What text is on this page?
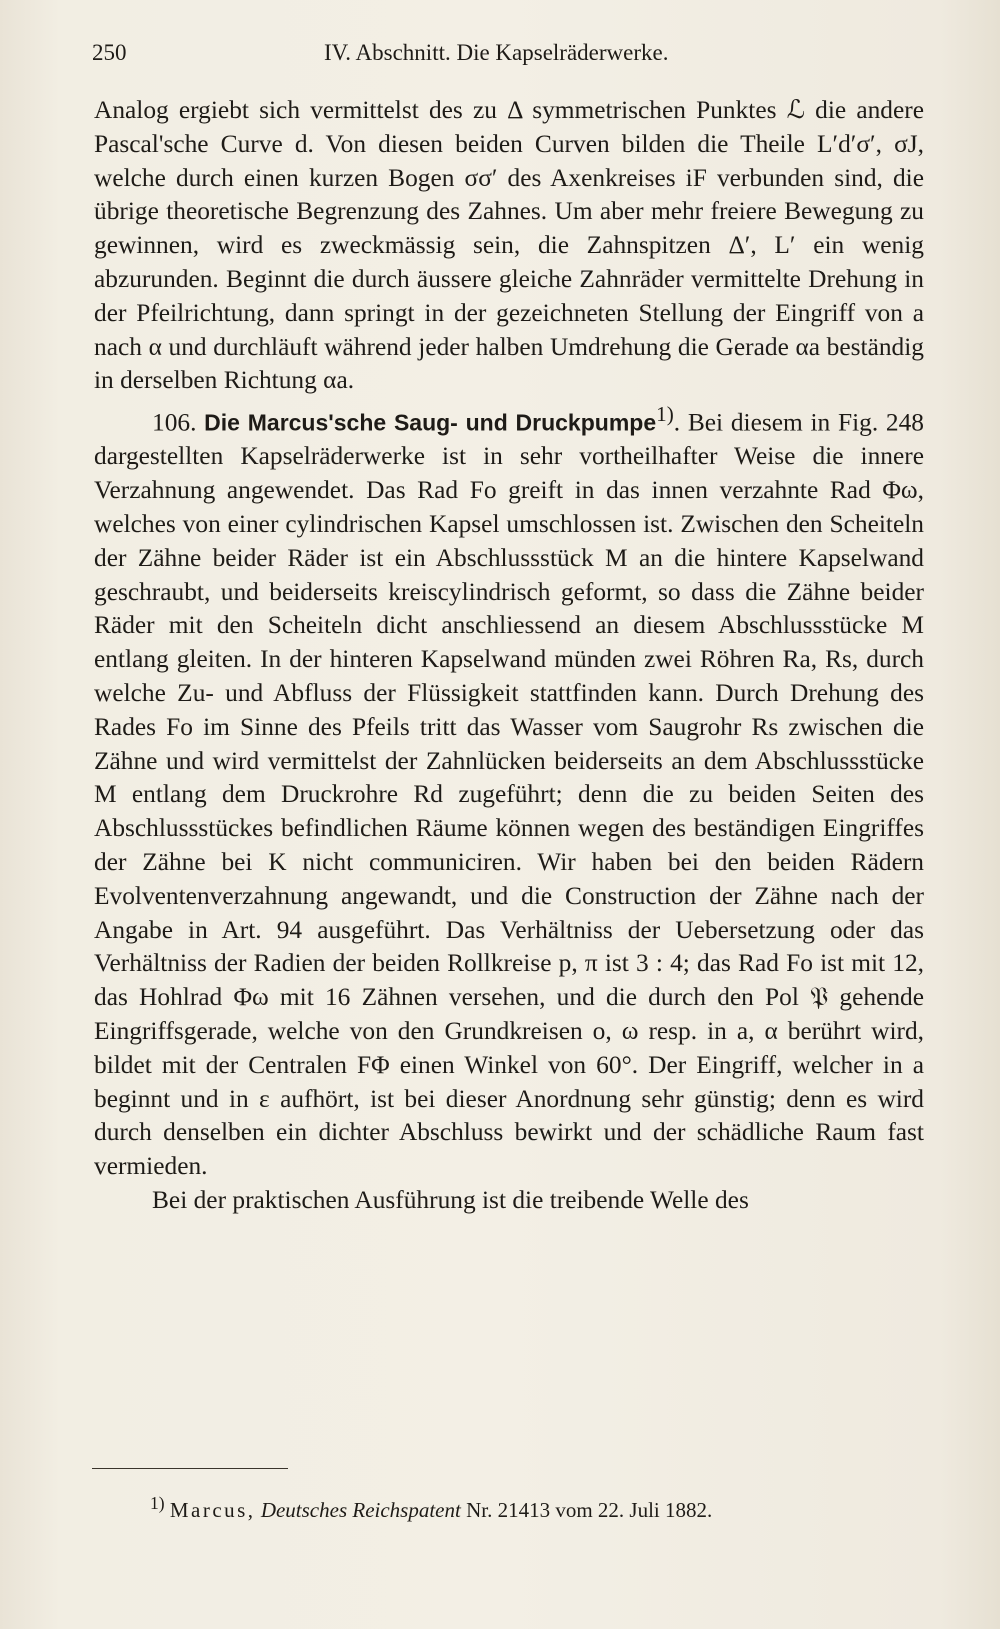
250	IV. Abschnitt. Die Kapselräderwerke.

Analog ergiebt sich vermittelst des zu Δ symmetrischen Punktes ℒ die andere Pascal'sche Curve d. Von diesen beiden Curven bilden die Theile L′d′σ′, σJ, welche durch einen kurzen Bogen σσ′ des Axenkreises iF verbunden sind, die übrige theoretische Begrenzung des Zahnes. Um aber mehr freiere Bewegung zu gewinnen, wird es zweckmässig sein, die Zahnspitzen Δ′, L′ ein wenig abzurunden. Beginnt die durch äussere gleiche Zahnräder vermittelte Drehung in der Pfeilrichtung, dann springt in der gezeichneten Stellung der Eingriff von a nach α und durchläuft während jeder halben Umdrehung die Gerade αa beständig in derselben Richtung αa.

106. Die Marcus'sche Saug- und Druckpumpe$^{1)}$. Bei diesem in Fig. 248 dargestellten Kapselräderwerke ist in sehr vortheilhafter Weise die innere Verzahnung angewendet. Das Rad Fo greift in das innen verzahnte Rad Φω, welches von einer cylindrischen Kapsel umschlossen ist. Zwischen den Scheiteln der Zähne beider Räder ist ein Abschlussstück M an die hintere Kapselwand geschraubt, und beiderseits kreiscylindrisch geformt, so dass die Zähne beider Räder mit den Scheiteln dicht anschliessend an diesem Abschlussstücke M entlang gleiten. In der hinteren Kapselwand münden zwei Röhren Ra, Rs, durch welche Zu- und Abfluss der Flüssigkeit stattfinden kann. Durch Drehung des Rades Fo im Sinne des Pfeils tritt das Wasser vom Saugrohr Rs zwischen die Zähne und wird vermittelst der Zahnlücken beiderseits an dem Abschlussstücke M entlang dem Druckrohre Rd zugeführt; denn die zu beiden Seiten des Abschlussstückes befindlichen Räume können wegen des beständigen Eingriffes der Zähne bei K nicht communiciren. Wir haben bei den beiden Rädern Evolventenverzahnung angewandt, und die Construction der Zähne nach der Angabe in Art. 94 ausgeführt. Das Verhältniss der Uebersetzung oder das Verhältniss der Radien der beiden Rollkreise p, π ist 3 : 4; das Rad Fo ist mit 12, das Hohlrad Φω mit 16 Zähnen versehen, und die durch den Pol 𝔓 gehende Eingriffsgerade, welche von den Grundkreisen o, ω resp. in a, α berührt wird, bildet mit der Centralen FΦ einen Winkel von 60°. Der Eingriff, welcher in a beginnt und in ε aufhört, ist bei dieser Anordnung sehr günstig; denn es wird durch denselben ein dichter Abschluss bewirkt und der schädliche Raum fast vermieden.

Bei der praktischen Ausführung ist die treibende Welle des

$^{1)}$ Marcus, Deutsches Reichspatent Nr. 21413 vom 22. Juli 1882.
